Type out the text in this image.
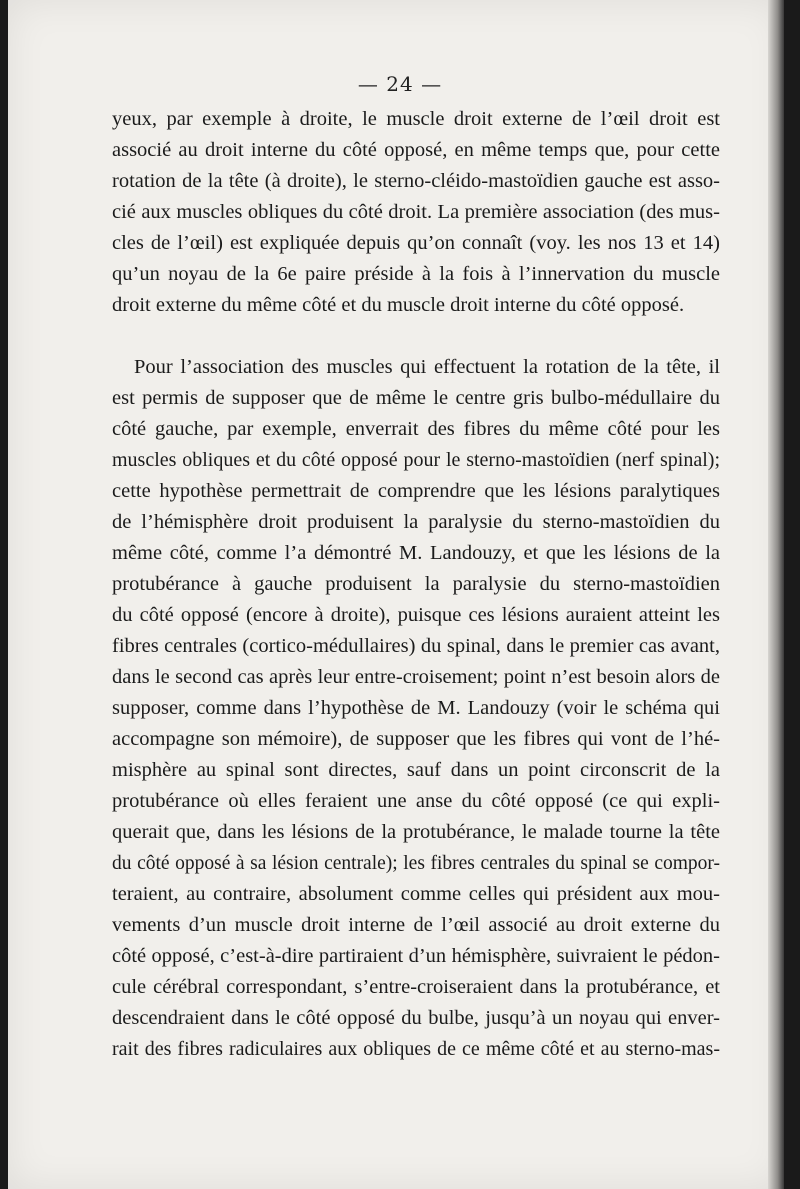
— 24 —
yeux, par exemple à droite, le muscle droit externe de l’œil droit est
associé au droit interne du côté opposé, en même temps que, pour cette
rotation de la tête (à droite), le sterno-cléido-mastoïdien gauche est asso-
cié aux muscles obliques du côté droit. La première association (des mus-
cles de l’œil) est expliquée depuis qu’on connaît (voy. les nos 13 et 14)
qu’un noyau de la 6e paire préside à la fois à l’innervation du muscle
droit externe du même côté et du muscle droit interne du côté opposé.
Pour l’association des muscles qui effectuent la rotation de la tête, il
est permis de supposer que de même le centre gris bulbo-médullaire du
côté gauche, par exemple, enverrait des fibres du même côté pour les
muscles obliques et du côté opposé pour le sterno-mastoïdien (nerf spinal);
cette hypothèse permettrait de comprendre que les lésions paralytiques
de l’hémisphère droit produisent la paralysie du sterno-mastoïdien du
même côté, comme l’a démontré M. Landouzy, et que les lésions de la
protubérance à gauche produisent la paralysie du sterno-mastoïdien
du côté opposé (encore à droite), puisque ces lésions auraient atteint les
fibres centrales (cortico-médullaires) du spinal, dans le premier cas avant,
dans le second cas après leur entre-croisement; point n’est besoin alors de
supposer, comme dans l’hypothèse de M. Landouzy (voir le schéma qui
accompagne son mémoire), de supposer que les fibres qui vont de l’hé-
misphère au spinal sont directes, sauf dans un point circonscrit de la
protubérance où elles feraient une anse du côté opposé (ce qui expli-
querait que, dans les lésions de la protubérance, le malade tourne la tête
du côté opposé à sa lésion centrale); les fibres centrales du spinal se compor-
teraient, au contraire, absolument comme celles qui président aux mou-
vements d’un muscle droit interne de l’œil associé au droit externe du
côté opposé, c’est-à-dire partiraient d’un hémisphère, suivraient le pédon-
cule cérébral correspondant, s’entre-croiseraient dans la protubérance, et
descendraient dans le côté opposé du bulbe, jusqu’à un noyau qui enver-
rait des fibres radiculaires aux obliques de ce même côté et au sterno-mas-
